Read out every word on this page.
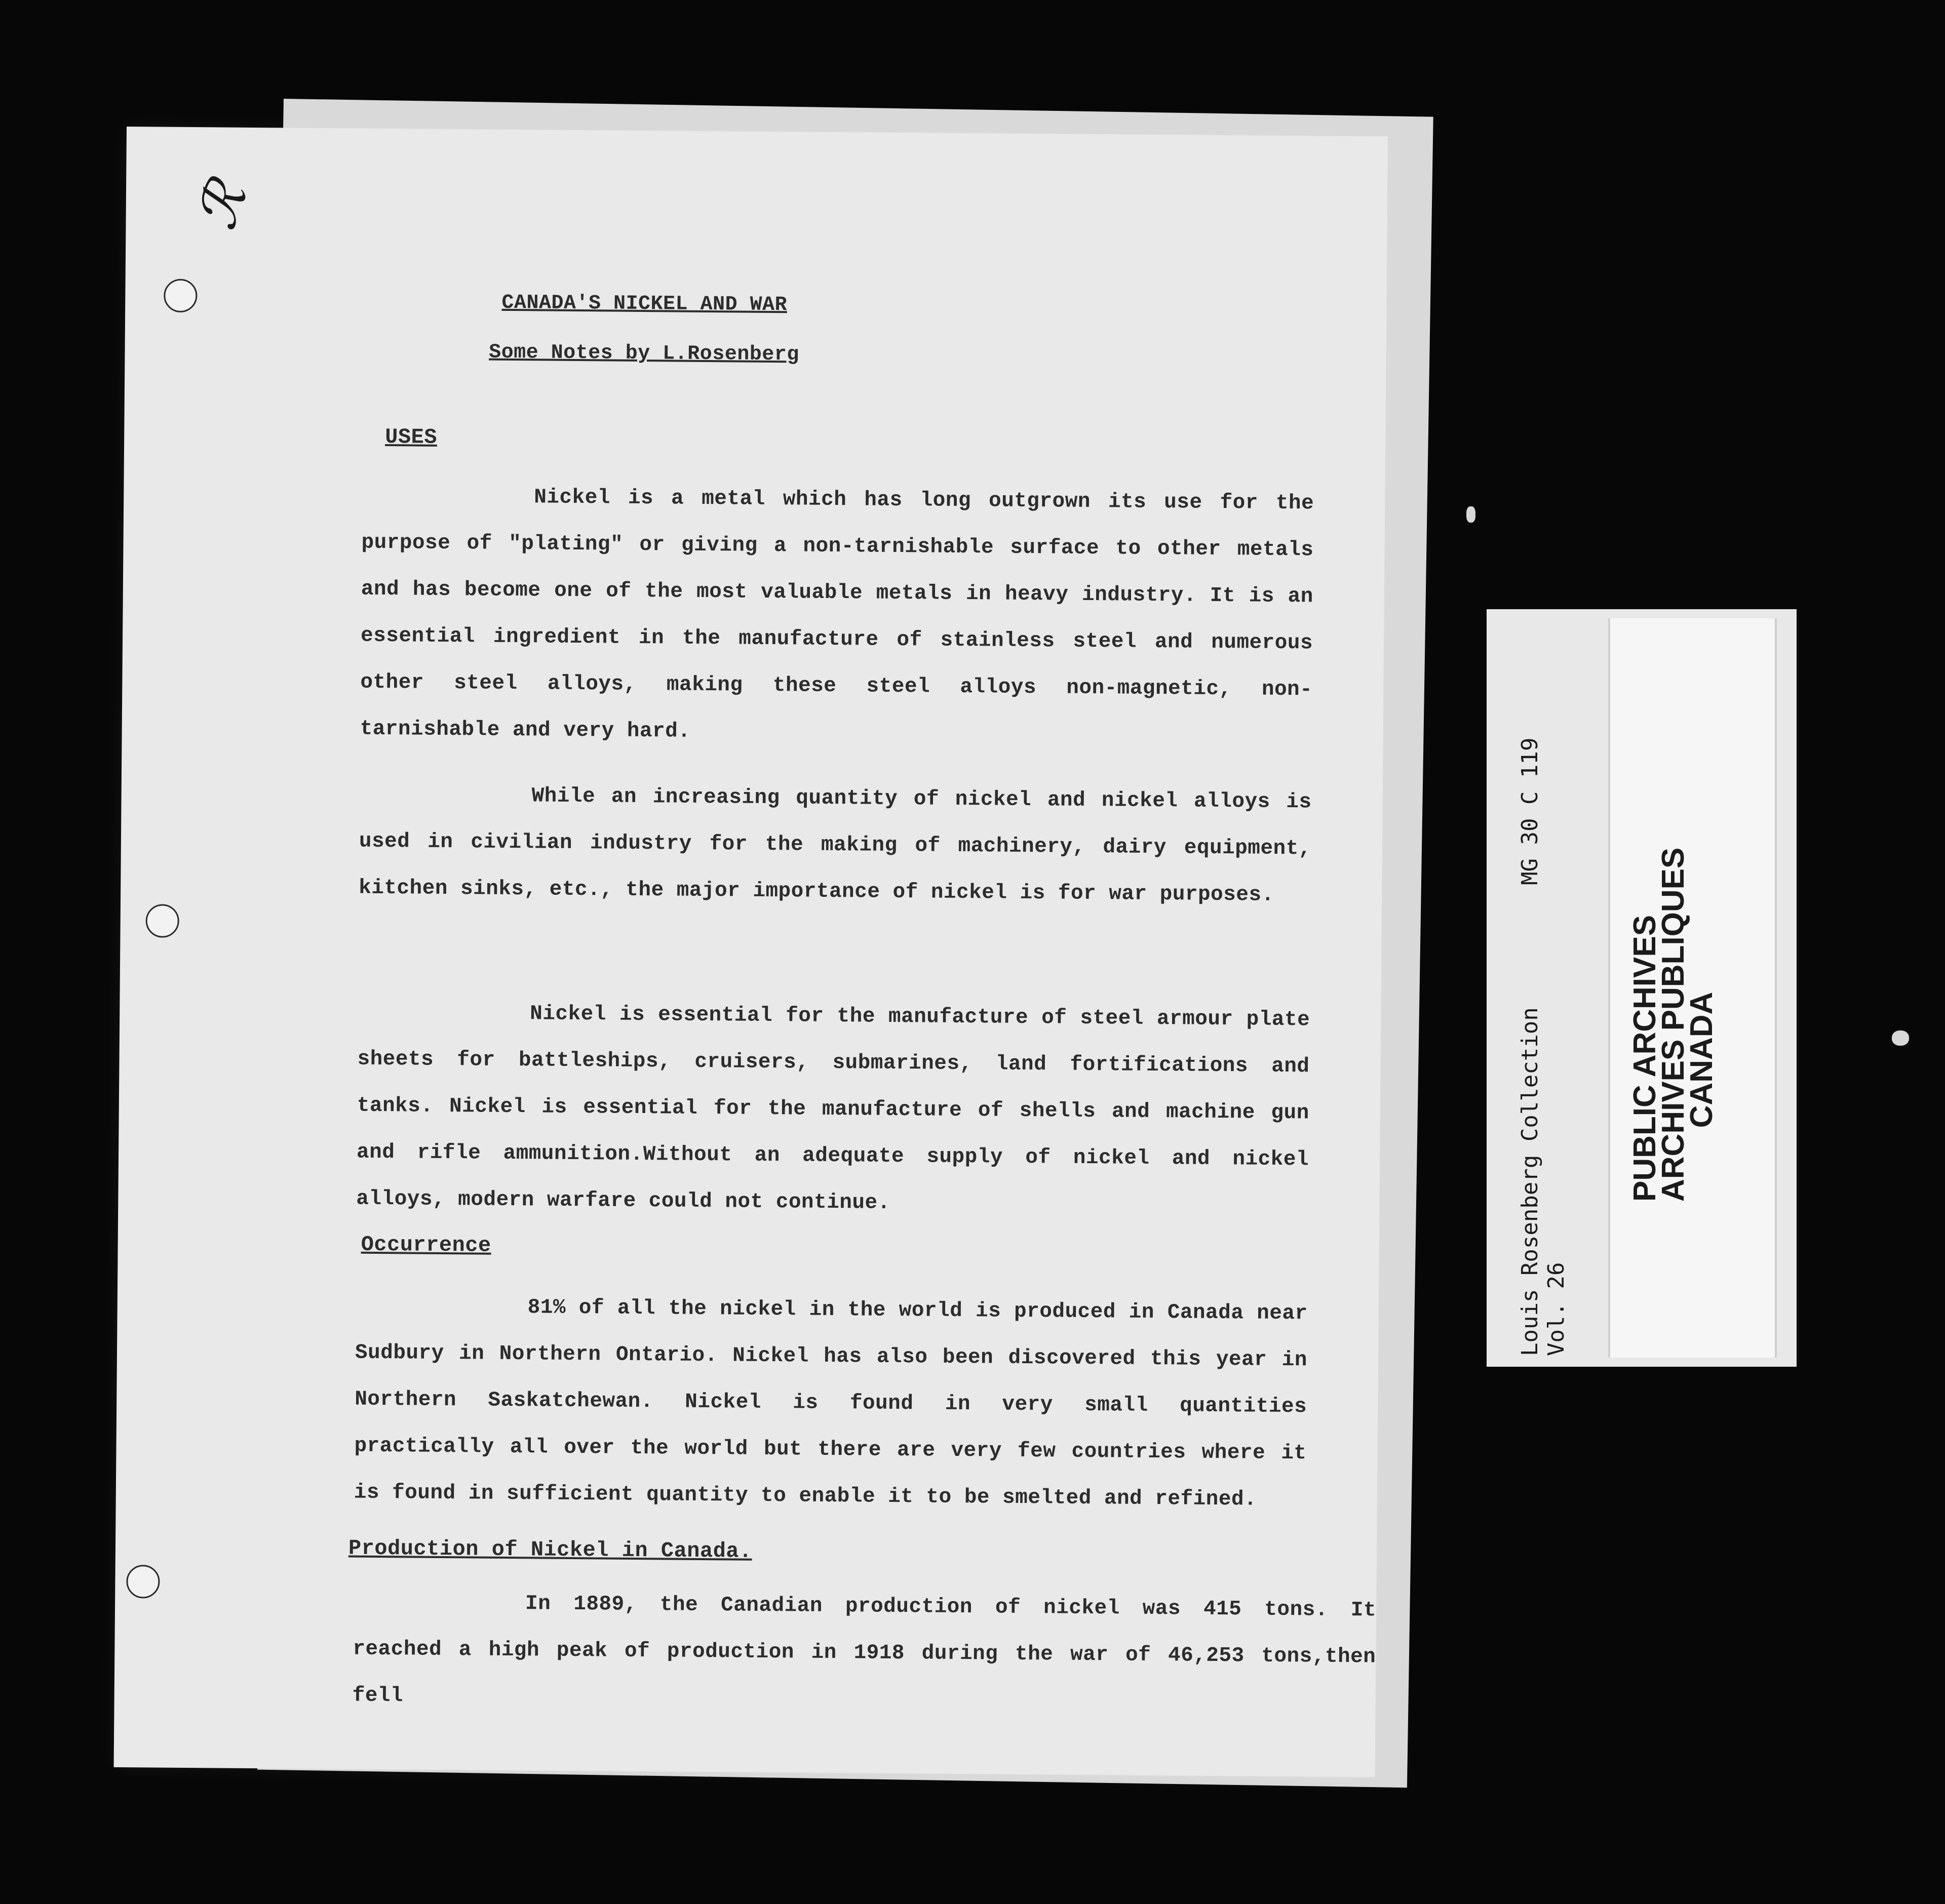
ℛ
CANADA'S NICKEL AND WAR
Some Notes by L.Rosenberg
USES
Nickel is a metal which has long outgrown its use for the purpose of "plating" or giving a non-tarnishable surface to other metals and has become one of the most valuable metals in heavy industry. It is an essential ingredient in the manufacture of stainless steel and numerous other steel alloys, making these steel alloys non-magnetic, non-tarnishable and very hard.
While an increasing quantity of nickel and nickel alloys is used in civilian industry for the making of machinery, dairy equipment, kitchen sinks, etc., the major importance of nickel is for war purposes.
Nickel is essential for the manufacture of steel armour plate sheets for battleships, cruisers, submarines, land fortifications and tanks. Nickel is essential for the manufacture of shells and machine gun and rifle ammunition.Without an adequate supply of nickel and nickel alloys, modern warfare could not continue.
Occurrence
81% of all the nickel in the world is produced in Canada near Sudbury in Northern Ontario. Nickel has also been discovered this year in Northern Saskatchewan. Nickel is found in very small quantities practically all over the world but there are very few countries where it is found in sufficient quantity to enable it to be smelted and refined.
Production of Nickel in Canada.
In 1889, the Canadian production of nickel was 415 tons. It reached a high peak of production in 1918 during the war of 46,253 tons,then fell
Louis Rosenberg Collection Vol. 26
MG 30 C 119
PUBLIC ARCHIVES
ARCHIVES PUBLIQUES
CANADA
